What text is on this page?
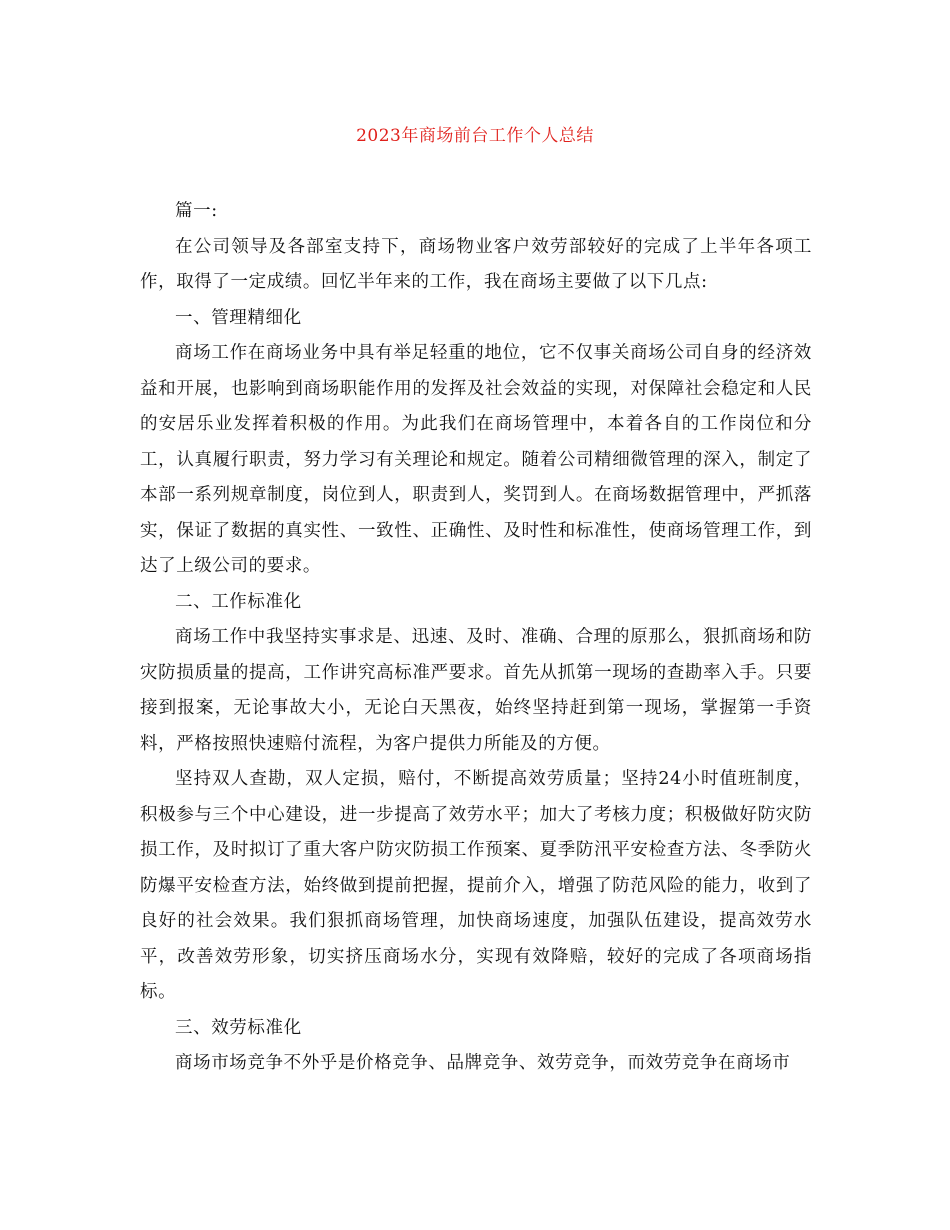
2023年商场前台工作个人总结

篇一:

在公司领导及各部室支持下，商场物业客户效劳部较好的完成了上半年各项工作，取得了一定成绩。回忆半年来的工作，我在商场主要做了以下几点:

一、管理精细化

商场工作在商场业务中具有举足轻重的地位，它不仅事关商场公司自身的经济效益和开展，也影响到商场职能作用的发挥及社会效益的实现，对保障社会稳定和人民的安居乐业发挥着积极的作用。为此我们在商场管理中，本着各自的工作岗位和分工，认真履行职责，努力学习有关理论和规定。随着公司精细微管理的深入，制定了本部一系列规章制度，岗位到人，职责到人，奖罚到人。在商场数据管理中，严抓落实，保证了数据的真实性、一致性、正确性、及时性和标准性，使商场管理工作，到达了上级公司的要求。

二、工作标准化

商场工作中我坚持实事求是、迅速、及时、准确、合理的原那么，狠抓商场和防灾防损质量的提高，工作讲究高标准严要求。首先从抓第一现场的查勘率入手。只要接到报案，无论事故大小，无论白天黑夜，始终坚持赶到第一现场，掌握第一手资料，严格按照快速赔付流程，为客户提供力所能及的方便。

坚持双人查勘，双人定损，赔付，不断提高效劳质量；坚持24小时值班制度，积极参与三个中心建设，进一步提高了效劳水平；加大了考核力度；积极做好防灾防损工作，及时拟订了重大客户防灾防损工作预案、夏季防汛平安检查方法、冬季防火防爆平安检查方法，始终做到提前把握，提前介入，增强了防范风险的能力，收到了良好的社会效果。我们狠抓商场管理，加快商场速度，加强队伍建设，提高效劳水平，改善效劳形象，切实挤压商场水分，实现有效降赔，较好的完成了各项商场指标。

三、效劳标准化

商场市场竞争不外乎是价格竞争、品牌竞争、效劳竞争，而效劳竞争在商场市
